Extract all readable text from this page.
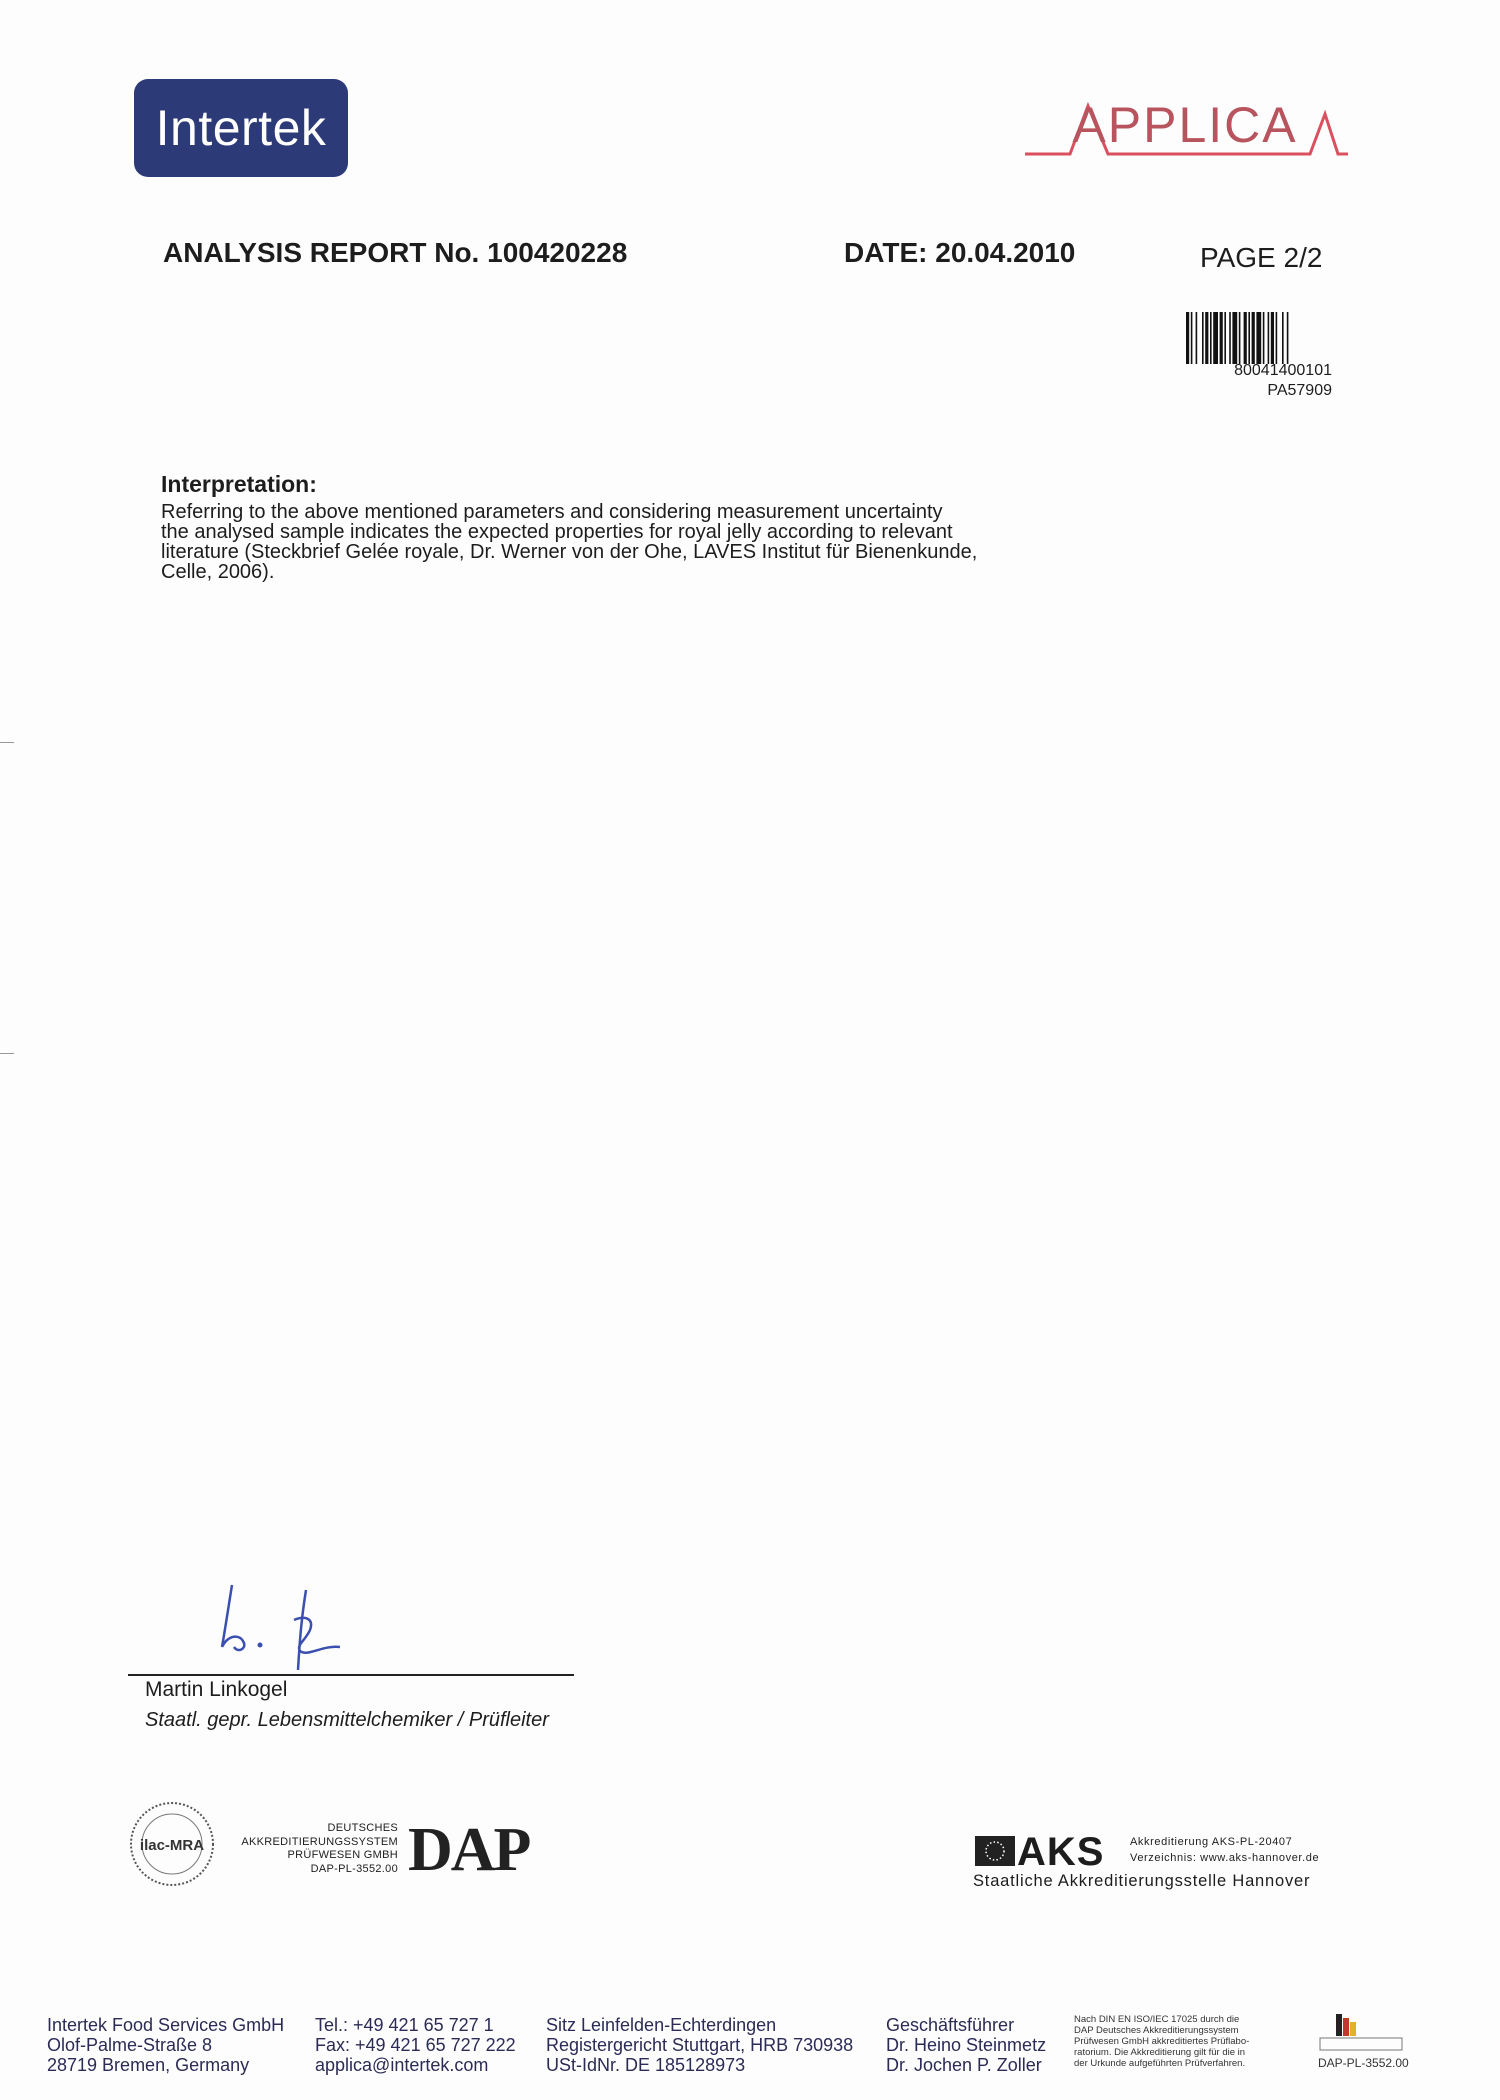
Intertek	APPLICA
ANALYSIS REPORT No. 100420228	DATE: 20.04.2010	PAGE 2/2
80041400101
PA57909
Interpretation:
Referring to the above mentioned parameters and considering measurement uncertainty
the analysed sample indicates the expected properties for royal jelly according to relevant
literature (Steckbrief Gelée royale, Dr. Werner von der Ohe, LAVES Institut für Bienenkunde,
Celle, 2006).
Martin Linkogel
Staatl. gepr. Lebensmittelchemiker / Prüfleiter
ilac-MRA
DEUTSCHES
AKKREDITIERUNGSSYSTEM
PRÜFWESEN GMBH
DAP-PL-3552.00 DAP	AKS Akkreditierung AKS-PL-20407
Verzeichnis: www.aks-hannover.de
Staatliche Akkreditierungsstelle Hannover
Intertek Food Services GmbH
Olof-Palme-Straße 8
28719 Bremen, Germany
Tel.: +49 421 65 727 1
Fax: +49 421 65 727 222
applica@intertek.com
Sitz Leinfelden-Echterdingen
Registergericht Stuttgart, HRB 730938
USt-IdNr. DE 185128973
Geschäftsführer
Dr. Heino Steinmetz
Dr. Jochen P. Zoller
Nach DIN EN ISO/IEC 17025 durch die
DAP Deutsches Akkreditierungssystem
Prüfwesen GmbH akkreditiertes Prüflabo-
ratorium. Die Akkreditierung gilt für die in
der Urkunde aufgeführten Prüfverfahren.	DAP-PL-3552.00
